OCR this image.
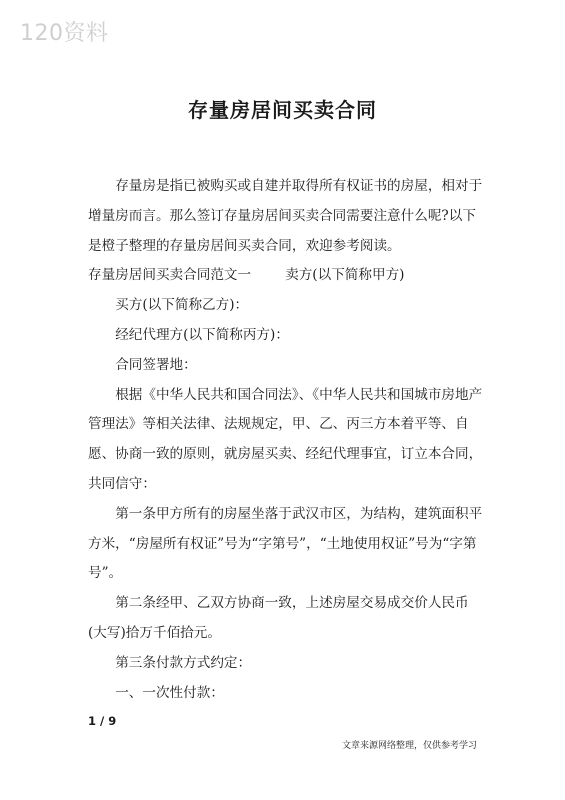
120资料
存量房居间买卖合同

存量房是指已被购买或自建并取得所有权证书的房屋，相对于增量房而言。那么签订存量房居间买卖合同需要注意什么呢?以下是橙子整理的存量房居间买卖合同，欢迎参考阅读。

存量房居间买卖合同范文一	卖方(以下简称甲方)

买方(以下简称乙方)：

经纪代理方(以下简称丙方)：

合同签署地：

根据《中华人民共和国合同法》、《中华人民共和国城市房地产管理法》等相关法律、法规规定，甲、乙、丙三方本着平等、自愿、协商一致的原则，就房屋买卖、经纪代理事宜，订立本合同，共同信守：

第一条甲方所有的房屋坐落于武汉市区，为结构，建筑面积平方米，“房屋所有权证”号为“字第号”，“土地使用权证”号为“字第号”。

第二条经甲、乙双方协商一致，上述房屋交易成交价人民币(大写)拾万千佰拾元。

第三条付款方式约定：

一、一次性付款：

1 / 9
文章来源网络整理，仅供参考学习
